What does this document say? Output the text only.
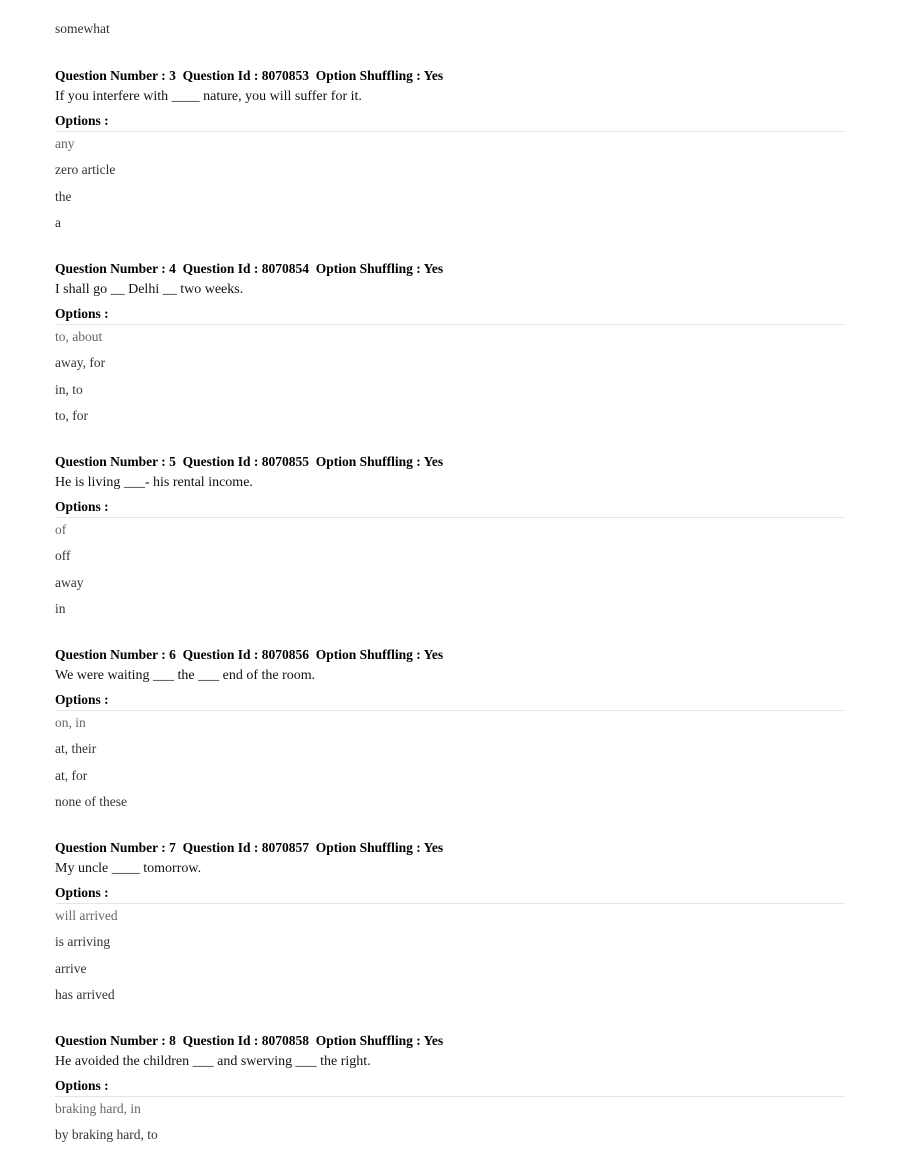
somewhat
Question Number : 3  Question Id : 8070853  Option Shuffling : Yes
If you interfere with ____ nature, you will suffer for it.
Options :
any
zero article
the
a
Question Number : 4  Question Id : 8070854  Option Shuffling : Yes
I shall go __ Delhi __ two weeks.
Options :
to, about
away, for
in, to
to, for
Question Number : 5  Question Id : 8070855  Option Shuffling : Yes
He is living ___- his rental income.
Options :
of
off
away
in
Question Number : 6  Question Id : 8070856  Option Shuffling : Yes
We were waiting ___ the ___ end of the room.
Options :
on, in
at, their
at, for
none of these
Question Number : 7  Question Id : 8070857  Option Shuffling : Yes
My uncle ____ tomorrow.
Options :
will arrived
is arriving
arrive
has arrived
Question Number : 8  Question Id : 8070858  Option Shuffling : Yes
He avoided the children ___ and swerving ___ the right.
Options :
braking hard, in
by braking hard, to
